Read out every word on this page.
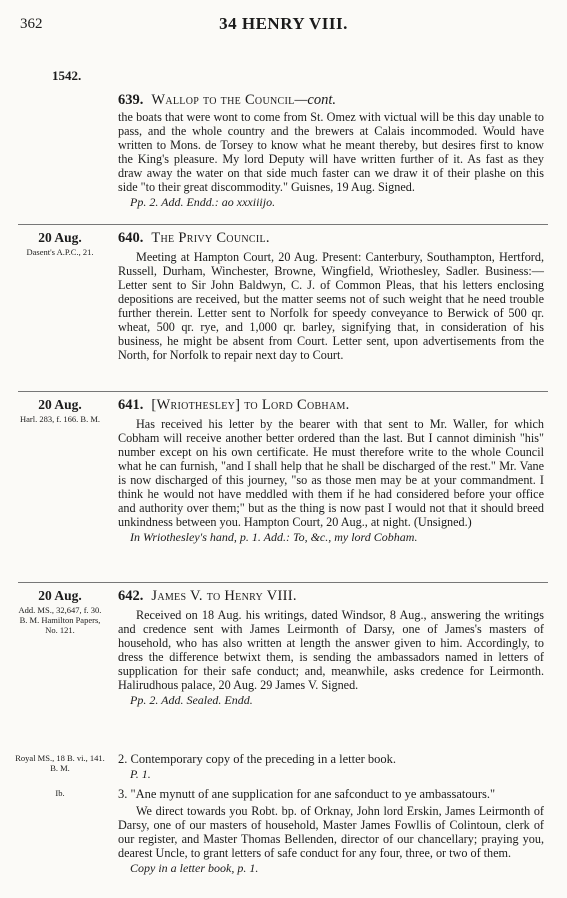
362	34 HENRY VIII.
1542.

639. Wallop to the Council—cont.

the boats that were wont to come from St. Omez with victual will be this day unable to pass, and the whole country and the brewers at Calais incommoded. Would have written to Mons. de Torsey to know what he meant thereby, but desires first to know the King's pleasure. My lord Deputy will have written further of it. As fast as they draw away the water on that side much faster can we draw it of their plashe on this side "to their great discommodity." Guisnes, 19 Aug. Signed.

Pp. 2. Add. Endd.: ao xxxiiijo.

20 Aug.
Dasent's A.P.C., 21.

640. The Privy Council.

Meeting at Hampton Court, 20 Aug. Present: Canterbury, Southampton, Hertford, Russell, Durham, Winchester, Browne, Wingfield, Wriothesley, Sadler. Business:—Letter sent to Sir John Baldwyn, C. J. of Common Pleas, that his letters enclosing depositions are received, but the matter seems not of such weight that he need trouble further therein. Letter sent to Norfolk for speedy conveyance to Berwick of 500 qr. wheat, 500 qr. rye, and 1,000 qr. barley, signifying that, in consideration of his business, he might be absent from Court. Letter sent, upon advertisements from the North, for Norfolk to repair next day to Court.

20 Aug.
Harl. 283, f. 166. B. M.

641. [Wriothesley] to Lord Cobham.

Has received his letter by the bearer with that sent to Mr. Waller, for which Cobham will receive another better ordered than the last. But I cannot diminish "his" number except on his own certificate. He must therefore write to the whole Council what he can furnish, "and I shall help that he shall be discharged of the rest." Mr. Vane is now discharged of this journey, "so as those men may be at your commandment. I think he would not have meddled with them if he had considered before your office and authority over them;" but as the thing is now past I would not that it should breed unkindness between you. Hampton Court, 20 Aug., at night. (Unsigned.)

In Wriothesley's hand, p. 1. Add.: To, &c., my lord Cobham.

20 Aug.
Add. MS., 32,647, f. 30. B. M. Hamilton Papers, No. 121.

642. James V. to Henry VIII.

Received on 18 Aug. his writings, dated Windsor, 8 Aug., answering the writings and credence sent with James Leirmonth of Darsy, one of James's masters of household, who has also written at length the answer given to him. Accordingly, to dress the difference betwixt them, is sending the ambassadors named in letters of supplication for their safe conduct; and, meanwhile, asks credence for Leirmonth. Halirudhous palace, 20 Aug. 29 James V. Signed.

Pp. 2. Add. Sealed. Endd.

Royal MS., 18 B. vi., 141. B. M.

2. Contemporary copy of the preceding in a letter book.

P. 1.

Ib.	3. "Ane mynutt of ane supplication for ane safconduct to ye ambassatours."

We direct towards you Robt. bp. of Orknay, John lord Erskin, James Leirmonth of Darsy, one of our masters of household, Master James Fowllis of Colintoun, clerk of our register, and Master Thomas Bellenden, director of our chancellary; praying you, dearest Uncle, to grant letters of safe conduct for any four, three, or two of them.

Copy in a letter book, p. 1.
